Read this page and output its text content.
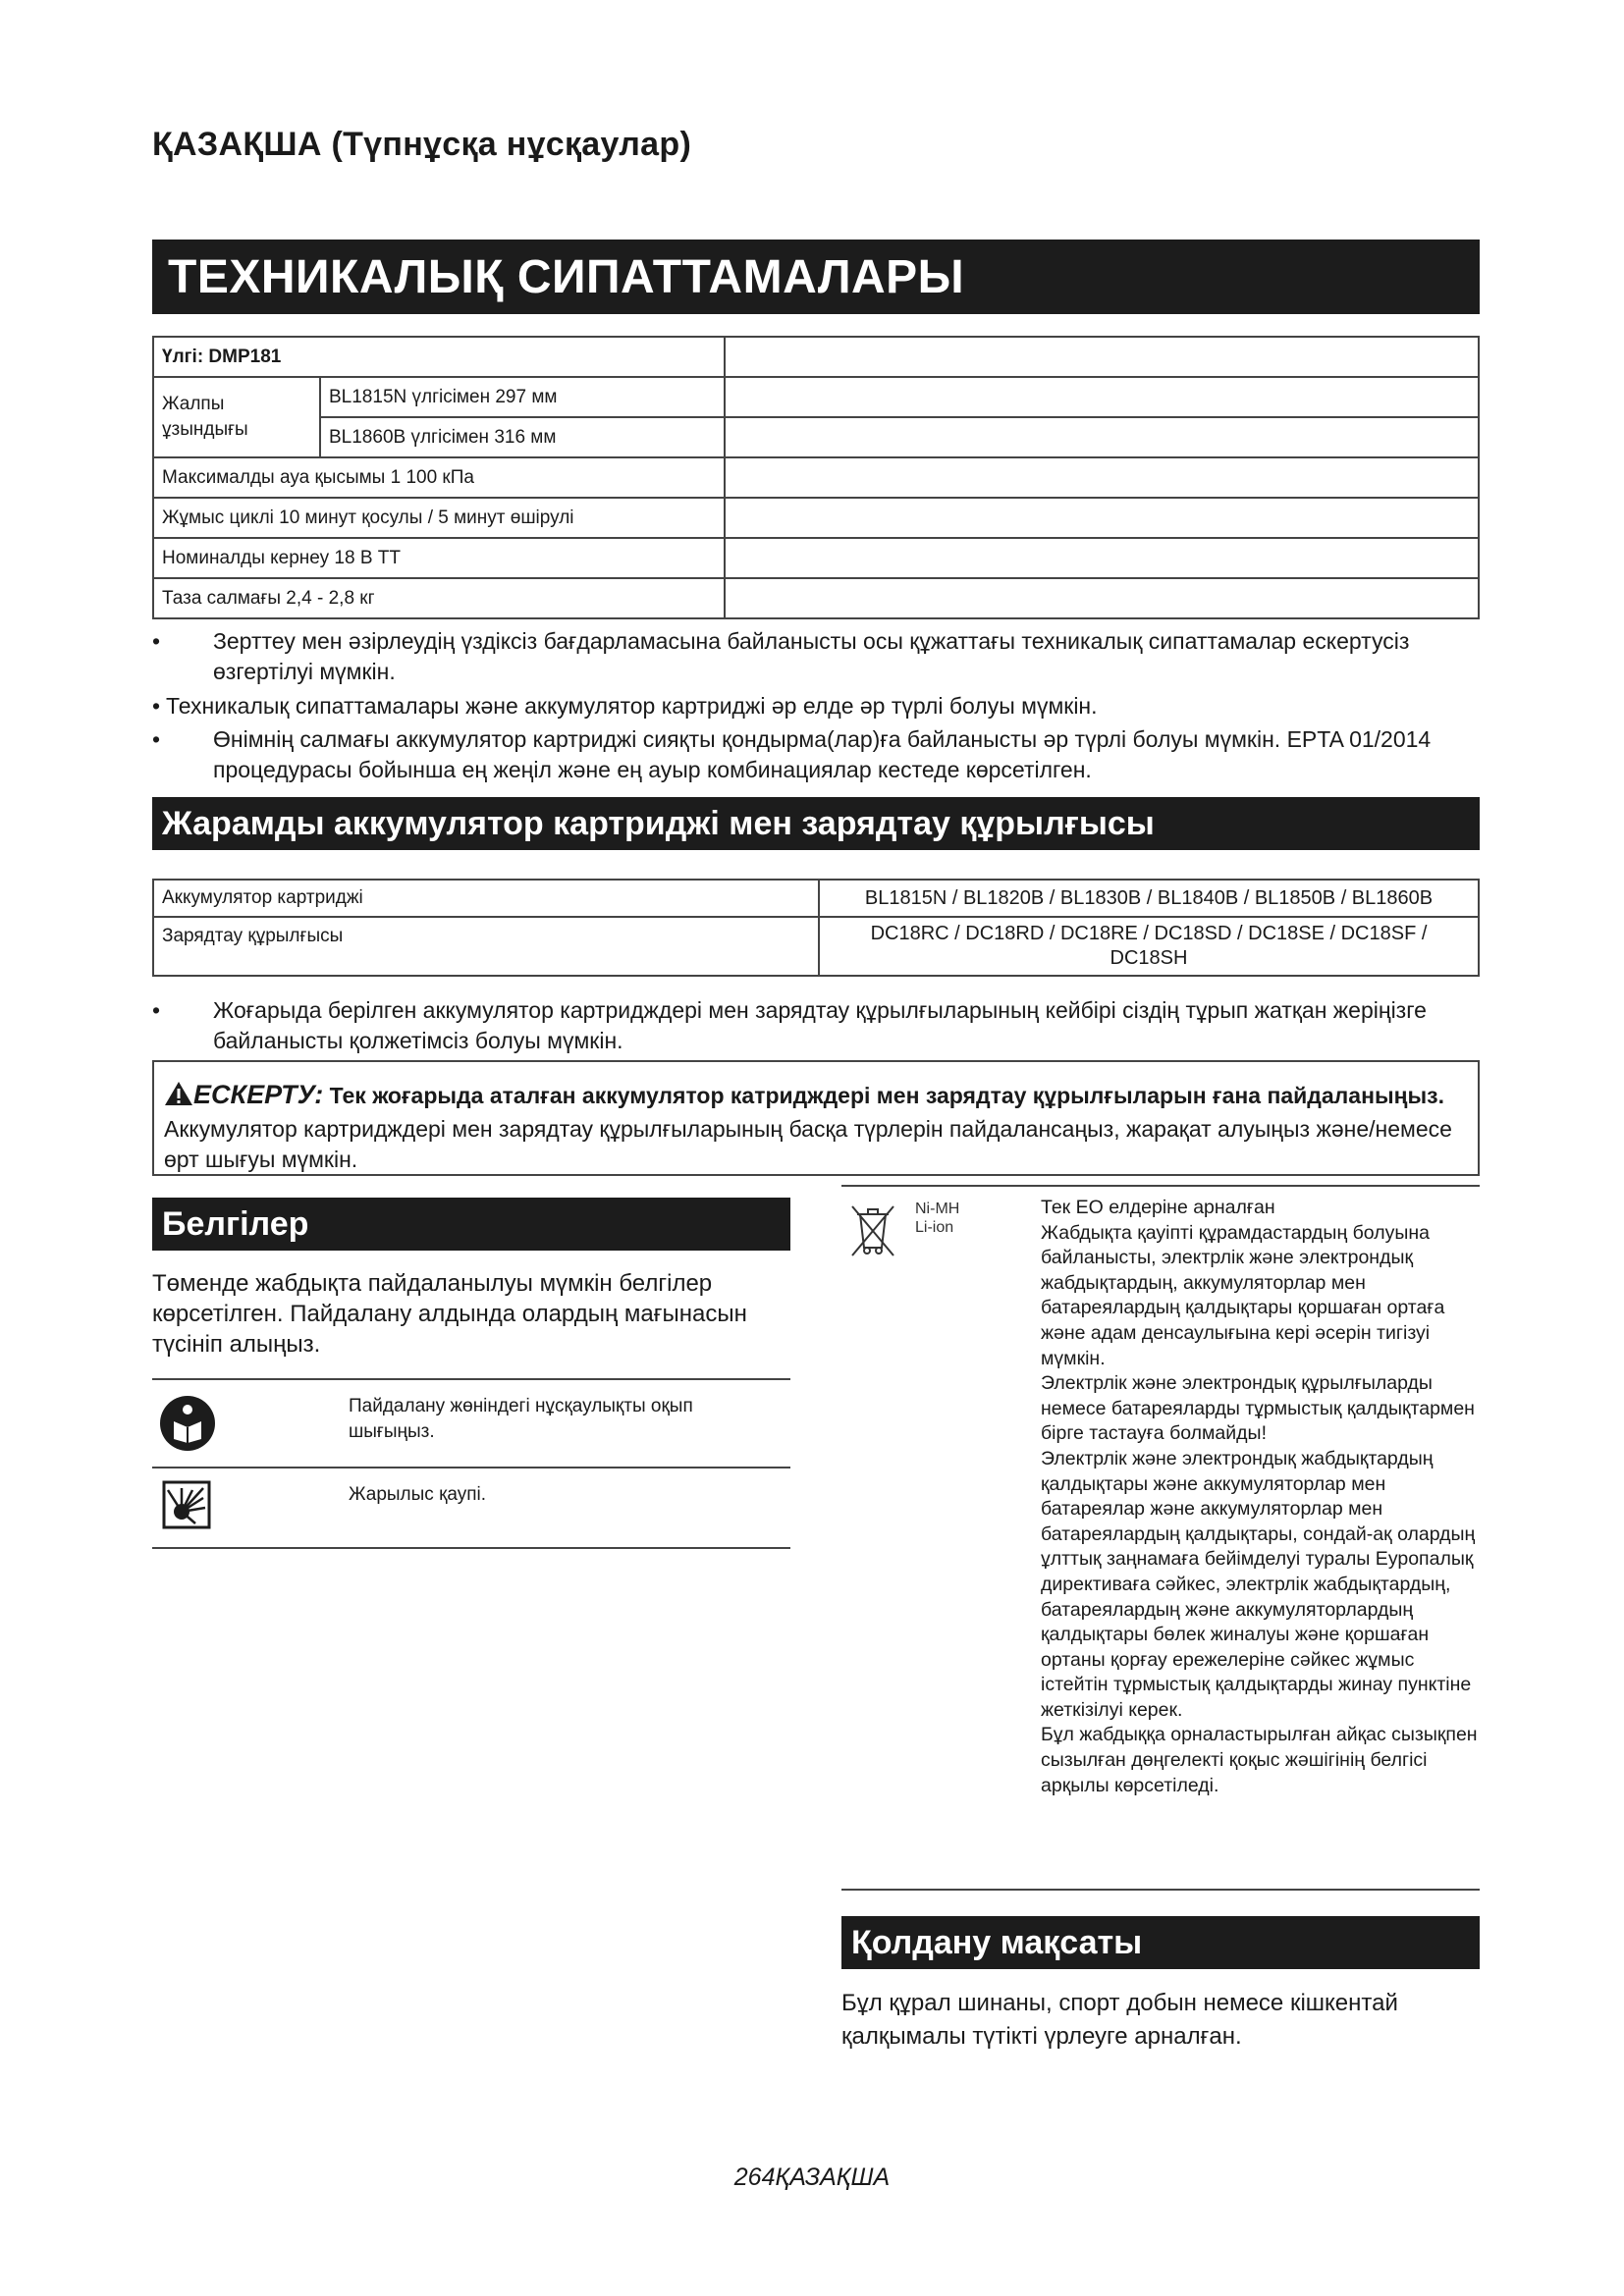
ҚАЗАҚША (Түпнұсқа нұсқаулар)
ТЕХНИКАЛЫҚ СИПАТТАМАЛАРЫ
Үлгі: DMP181		
Жалпы ұзындығы	BL1815N үлгісімен 297 мм	
	BL1860B үлгісімен 316 мм	
Максималды ауа қысымы 1 100 кПа		
Жұмыс циклі 10 минут қосулы / 5 минут өшірулі		
Номиналды кернеу 18 В ТТ		
Таза салмағы 2,4 - 2,8 кг		
•	Зерттеу мен әзірлеудің үздіксіз бағдарламасына байланысты осы құжаттағы техникалық сипаттамалар ескертусіз өзгертілуі мүмкін.
• Техникалық сипаттамалары және аккумулятор картриджі әр елде әр түрлі болуы мүмкін.
•	Өнімнің салмағы аккумулятор картриджі сияқты қондырма(лар)ға байланысты әр түрлі болуы мүмкін. EPTA 01/2014 процедурасы бойынша ең жеңіл және ең ауыр комбинациялар кестеде көрсетілген.
Жарамды аккумулятор картриджі мен зарядтау құрылғысы
Аккумулятор картриджі	BL1815N / BL1820B / BL1830B / BL1840B / BL1850B / BL1860B
Зарядтау құрылғысы	DC18RC / DC18RD / DC18RE / DC18SD / DC18SE / DC18SF /
DC18SH
•	Жоғарыда берілген аккумулятор картридждері мен зарядтау құрылғыларының кейбірі сіздің тұрып жатқан жеріңізге байланысты қолжетімсіз болуы мүмкін.
ЕСКЕРТУ: Тек жоғарыда аталған аккумулятор катридждері мен зарядтау құрылғыларын ғана пайдаланыңыз. Аккумулятор картридждері мен зарядтау құрылғыларының басқа түрлерін пайдалансаңыз, жарақат алуыңыз және/немесе өрт шығуы мүмкін.
Белгілер
Төменде жабдықта пайдаланылуы мүмкін белгілер көрсетілген. Пайдалану алдында олардың мағынасын түсініп алыңыз.
Пайдалану жөніндегі нұсқаулықты оқып шығыңыз.
Жарылыс қаупі.
Ni-MH
Li-ion

Тек ЕО елдеріне арналған

Жабдықта қауіпті құрамдастардың болуына байланысты, электрлік және электрондық жабдықтардың, аккумуляторлар мен батареялардың қалдықтары қоршаған ортаға және адам денсаулығына кері әсерін тигізуі мүмкін.

Электрлік және электрондық құрылғыларды немесе батареяларды тұрмыстық қалдықтармен бірге тастауға болмайды!

Электрлік және электрондық жабдықтардың қалдықтары және аккумуляторлар мен батареялар және аккумуляторлар мен батареялардың қалдықтары, сондай-ақ олардың ұлттық заңнамаға бейімделуі туралы Еуропалық директиваға сәйкес, электрлік жабдықтардың, батареялардың және аккумуляторлардың қалдықтары бөлек жиналуы және қоршаған ортаны қорғау ережелеріне сәйкес жұмыс істейтін тұрмыстық қалдықтарды жинау пунктіне жеткізілуі керек.

Бұл жабдыққа орналастырылған айқас сызықпен сызылған дөңгелекті қоқыс жәшігінің белгісі арқылы көрсетіледі.

Қолдану мақсаты
Бұл құрал шинаны, спорт добын немесе кішкентай қалқымалы түтікті үрлеуге арналған.
264ҚАЗАҚША
